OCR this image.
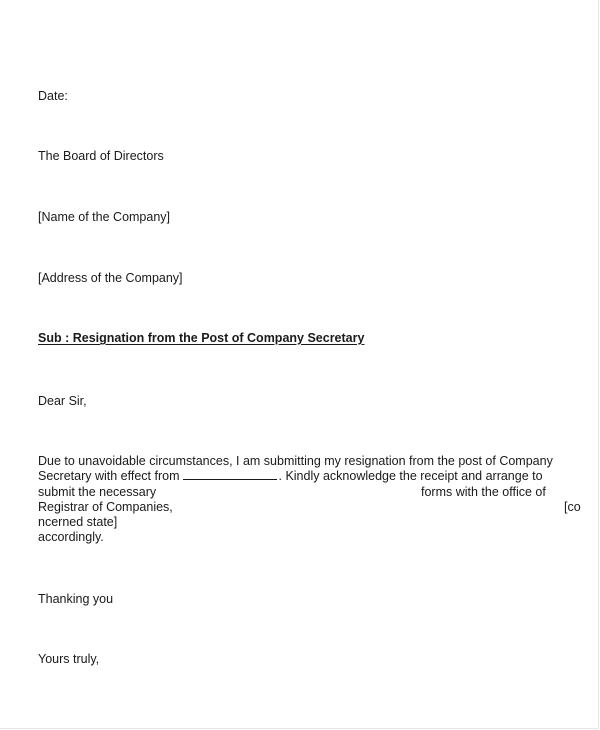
Date:
The Board of Directors
[Name of the Company]
[Address of the Company]
Sub : Resignation from the Post of Company Secretary
Dear Sir,
Due to unavoidable circumstances, I am submitting my resignation from the post of Company
Secretary with effect from	. Kindly acknowledge the receipt and arrange to
submit the necessary	forms with the office of
Registrar of Companies,	[co
ncerned state]
accordingly.
Thanking you
Yours truly,
